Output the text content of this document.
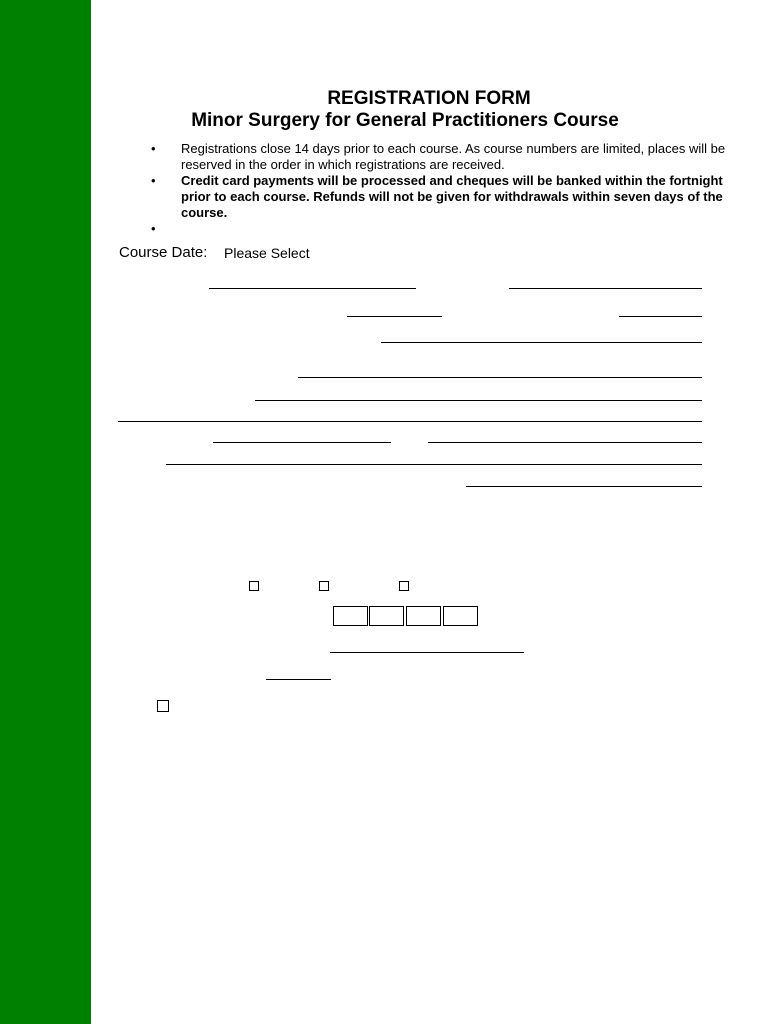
REGISTRATION FORM
Minor Surgery for General Practitioners Course
• Registrations close 14 days prior to each course. As course numbers are limited, places will be reserved in the order in which registrations are received.
• Credit card payments will be processed and cheques will be banked within the fortnight prior to each course. Refunds will not be given for withdrawals within seven days of the course.
•
Course Date: Please Select
